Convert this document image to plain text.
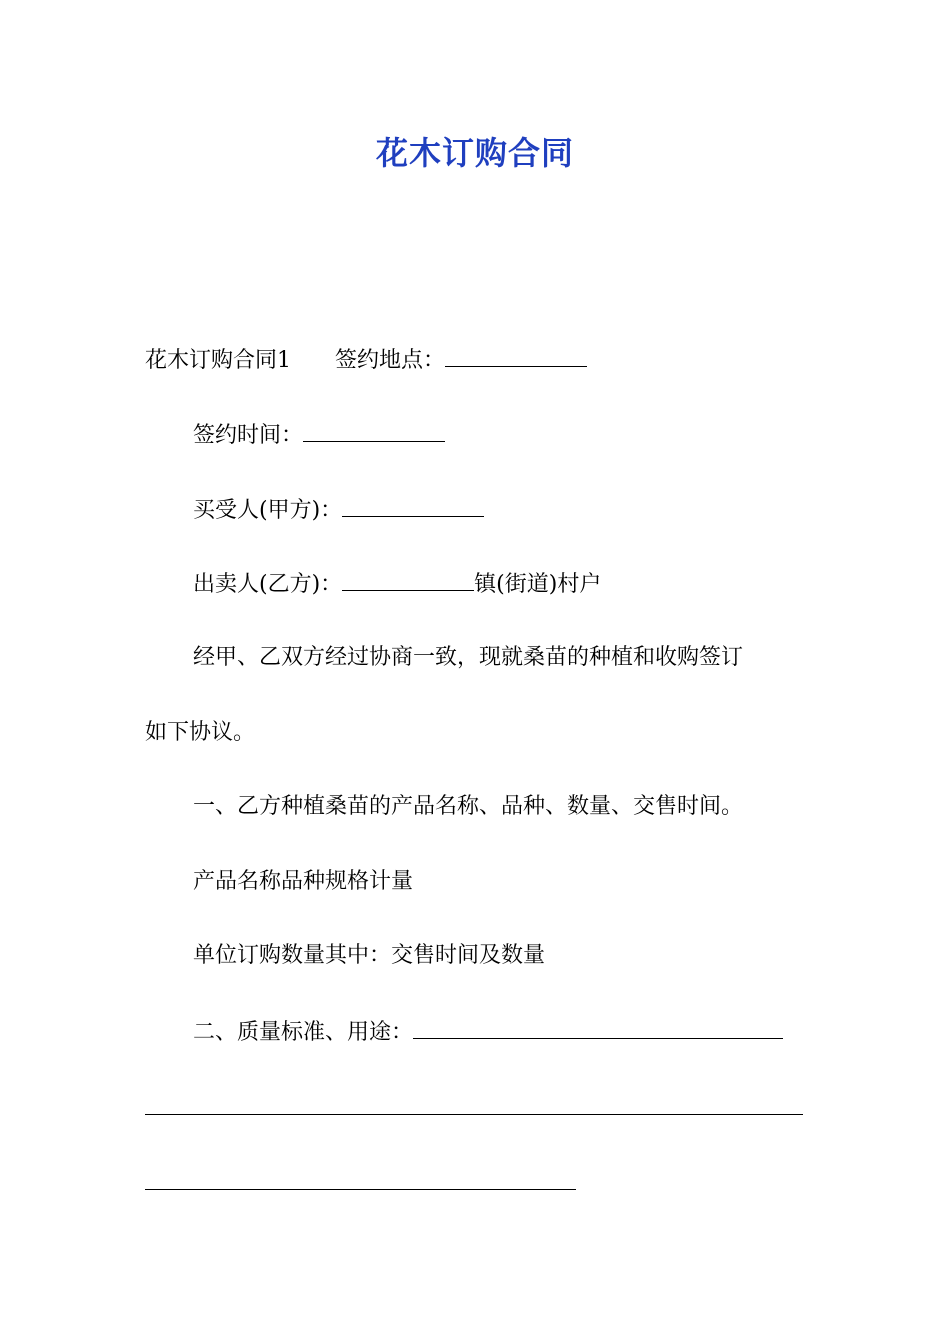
花木订购合同
花木订购合同1 签约地点：
签约时间：
买受人(甲方)：
出卖人(乙方)：	镇(街道)村户
经甲、乙双方经过协商一致，现就桑苗的种植和收购签订
如下协议。
一、乙方种植桑苗的产品名称、品种、数量、交售时间。
产品名称品种规格计量
单位订购数量其中：交售时间及数量
二、质量标准、用途：
